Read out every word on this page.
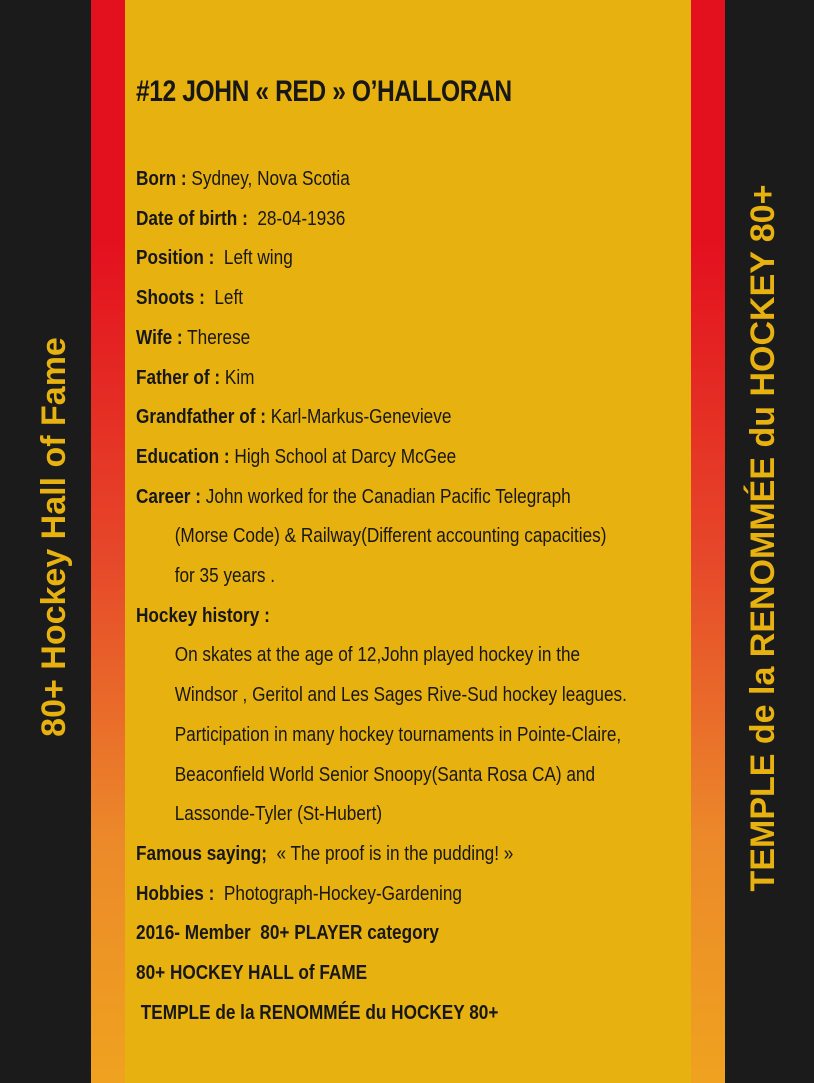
80+ Hockey Hall of Fame	TEMPLE de la RENOMMÉE du HOCKEY 80+
#12 JOHN « RED » O’HALLORAN
Born : Sydney, Nova Scotia
Date of birth :  28-04-1936
Position :  Left wing
Shoots :  Left
Wife : Therese
Father of : Kim
Grandfather of : Karl-Markus-Genevieve
Education : High School at Darcy McGee
Career : John worked for the Canadian Pacific Telegraph
(Morse Code) & Railway(Different accounting capacities)
for 35 years .
Hockey history :
On skates at the age of 12,John played hockey in the
Windsor , Geritol and Les Sages Rive-Sud hockey leagues.
Participation in many hockey tournaments in Pointe-Claire,
Beaconfield World Senior Snoopy(Santa Rosa CA) and
Lassonde-Tyler (St-Hubert)
Famous saying;  « The proof is in the pudding! »
Hobbies :  Photograph-Hockey-Gardening
2016- Member  80+ PLAYER category
80+ HOCKEY HALL of FAME
TEMPLE de la RENOMMÉE du HOCKEY 80+
